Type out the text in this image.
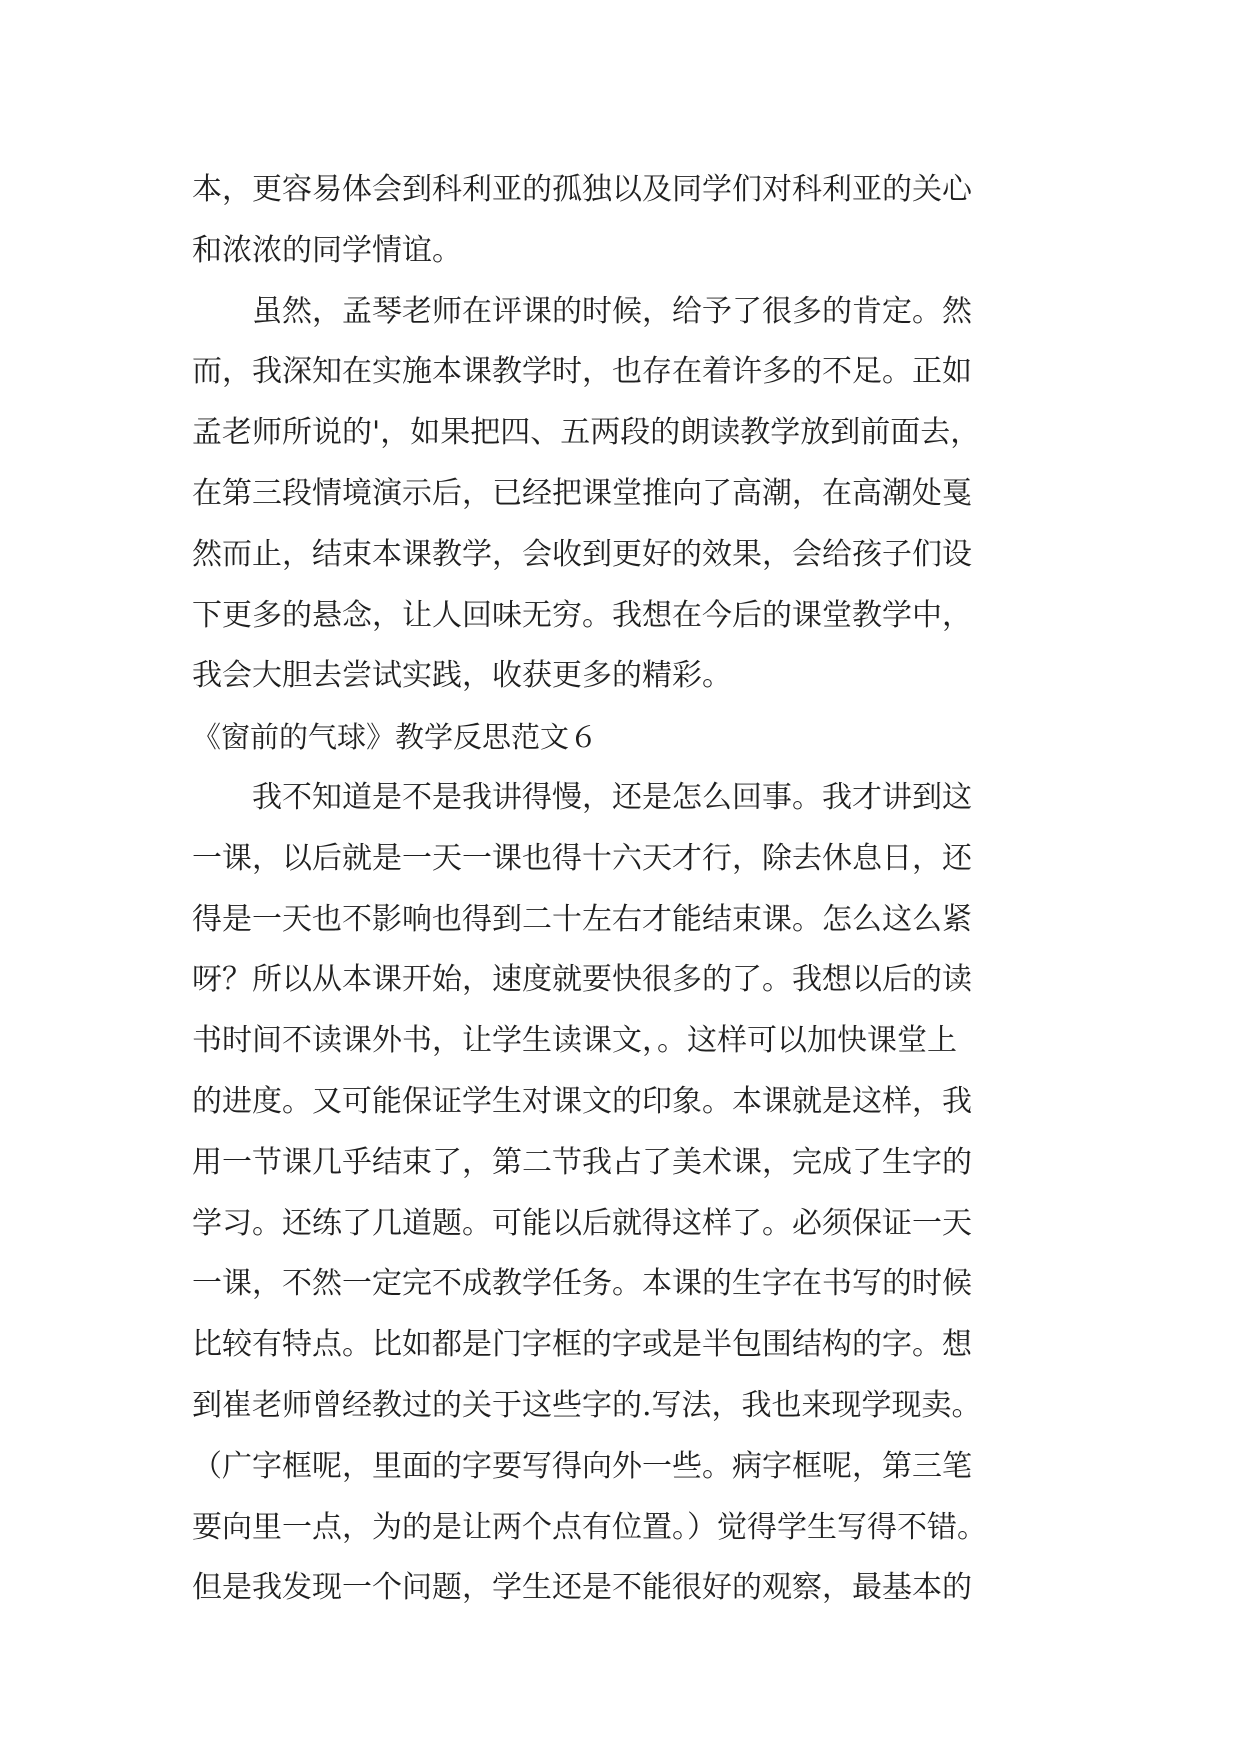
本，更容易体会到科利亚的孤独以及同学们对科利亚的关心
和浓浓的同学情谊。
　　虽然，孟琴老师在评课的时候，给予了很多的肯定。然
而，我深知在实施本课教学时，也存在着许多的不足。正如
孟老师所说的'，如果把四、五两段的朗读教学放到前面去，
在第三段情境演示后，已经把课堂推向了高潮，在高潮处戛
然而止，结束本课教学，会收到更好的效果，会给孩子们设
下更多的悬念，让人回味无穷。我想在今后的课堂教学中，
我会大胆去尝试实践，收获更多的精彩。
《窗前的气球》教学反思范文６
　　我不知道是不是我讲得慢，还是怎么回事。我才讲到这
一课，以后就是一天一课也得十六天才行，除去休息日，还
得是一天也不影响也得到二十左右才能结束课。怎么这么紧
呀？所以从本课开始，速度就要快很多的了。我想以后的读
书时间不读课外书，让学生读课文，。这样可以加快课堂上
的进度。又可能保证学生对课文的印象。本课就是这样，我
用一节课几乎结束了，第二节我占了美术课，完成了生字的
学习。还练了几道题。可能以后就得这样了。必须保证一天
一课，不然一定完不成教学任务。本课的生字在书写的时候
比较有特点。比如都是门字框的字或是半包围结构的字。想
到崔老师曾经教过的关于这些字的.写法，我也来现学现卖。
（广字框呢，里面的字要写得向外一些。病字框呢，第三笔
要向里一点，为的是让两个点有位置。）觉得学生写得不错。
但是我发现一个问题，学生还是不能很好的观察，最基本的
